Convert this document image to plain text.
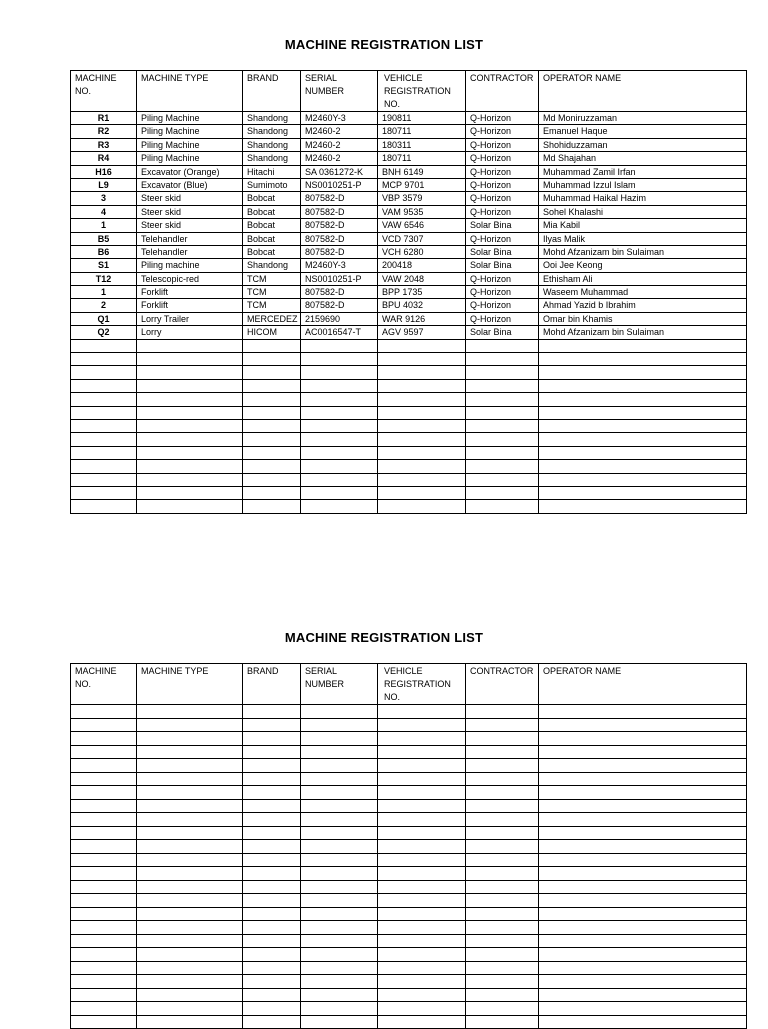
MACHINE REGISTRATION LIST
MACHINE NO.	MACHINE TYPE	BRAND	SERIAL NUMBER	VEHICLE REGISTRATION NO.	CONTRACTOR	OPERATOR NAME
R1	Piling Machine	Shandong	M2460Y-3	190811	Q-Horizon	Md Moniruzzaman
R2	Piling Machine	Shandong	M2460-2	180711	Q-Horizon	Emanuel Haque
R3	Piling Machine	Shandong	M2460-2	180311	Q-Horizon	Shohiduzzaman
R4	Piling Machine	Shandong	M2460-2	180711	Q-Horizon	Md Shajahan
H16	Excavator (Orange)	Hitachi	SA 0361272-K	BNH 6149	Q-Horizon	Muhammad Zamil Irfan
L9	Excavator (Blue)	Sumimoto	NS0010251-P	MCP 9701	Q-Horizon	Muhammad Izzul Islam
3	Steer skid	Bobcat	807582-D	VBP 3579	Q-Horizon	Muhammad Haikal Hazim
4	Steer skid	Bobcat	807582-D	VAM 9535	Q-Horizon	Sohel Khalashi
1	Steer skid	Bobcat	807582-D	VAW 6546	Solar Bina	Mia Kabil
B5	Telehandler	Bobcat	807582-D	VCD 7307	Q-Horizon	Ilyas Malik
B6	Telehandler	Bobcat	807582-D	VCH 6280	Solar Bina	Mohd Afzanizam bin Sulaiman
S1	Piling machine	Shandong	M2460Y-3	200418	Solar Bina	Ooi Jee Keong
T12	Telescopic-red	TCM	NS0010251-P	VAW 2048	Q-Horizon	Ethisham Ali
1	Forklift	TCM	807582-D	BPP 1735	Q-Horizon	Waseem Muhammad
2	Forklift	TCM	807582-D	BPU 4032	Q-Horizon	Ahmad Yazid b Ibrahim
Q1	Lorry Trailer	MERCEDEZ	2159690	WAR 9126	Q-Horizon	Omar bin Khamis
Q2	Lorry	HICOM	AC0016547-T	AGV 9597	Solar Bina	Mohd Afzanizam bin Sulaiman

MACHINE REGISTRATION LIST
MACHINE NO.	MACHINE TYPE	BRAND	SERIAL NUMBER	VEHICLE REGISTRATION NO.	CONTRACTOR	OPERATOR NAME
